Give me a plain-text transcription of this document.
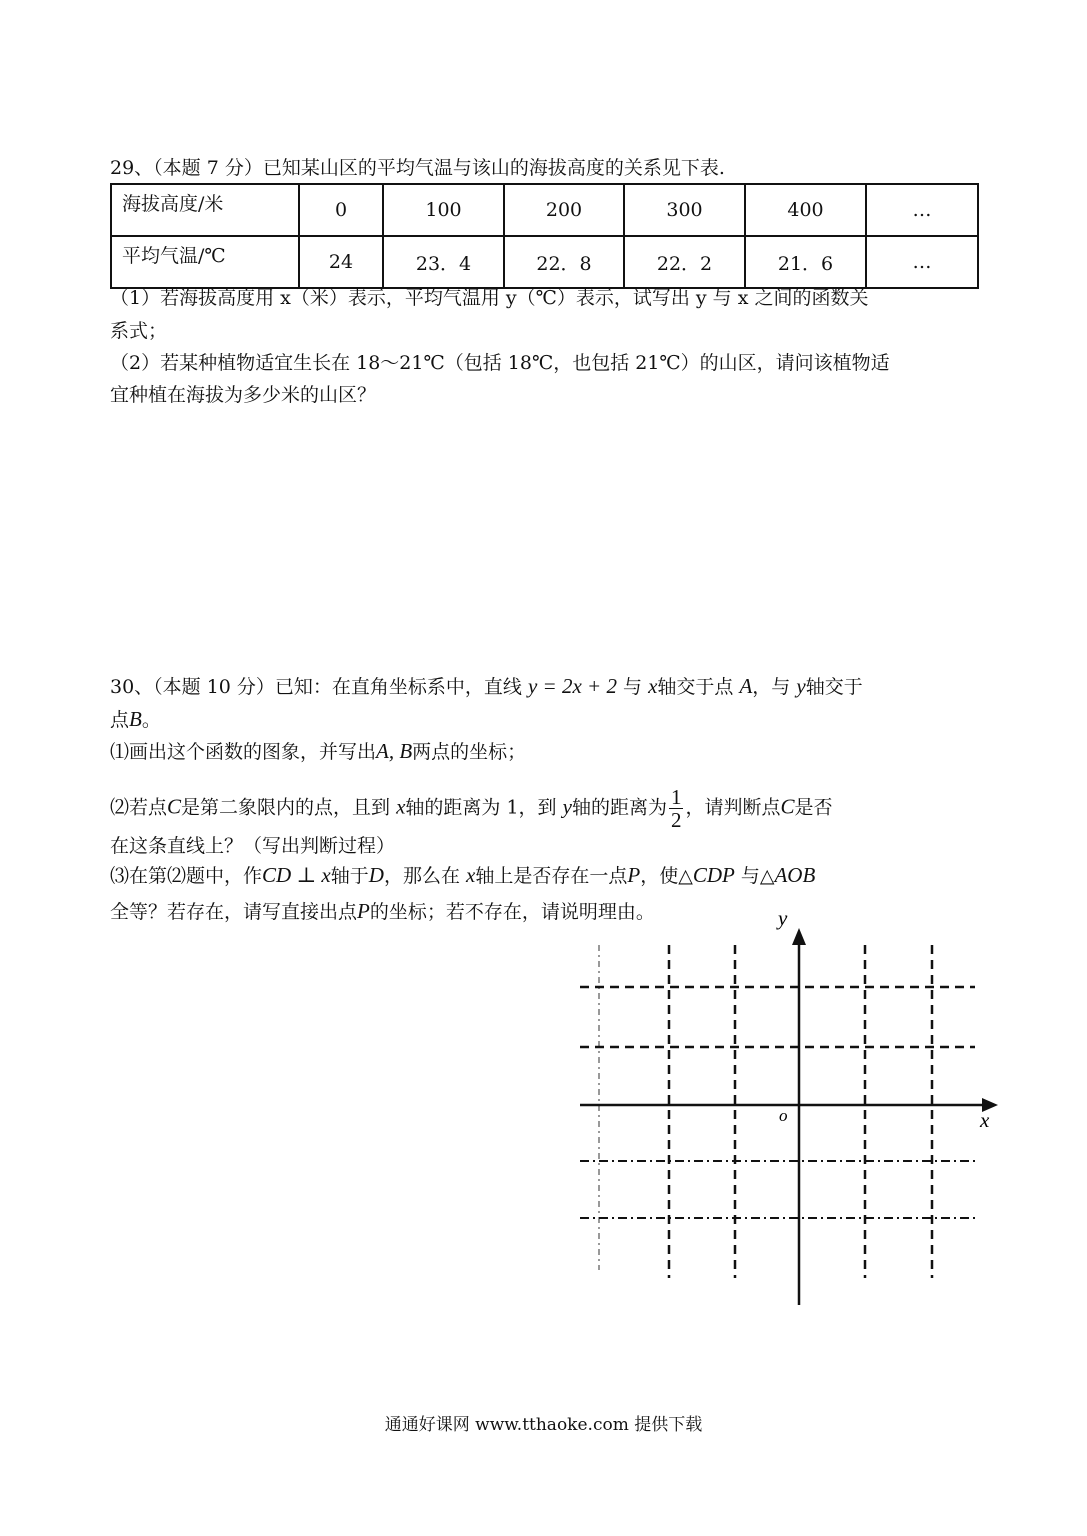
29、（本题 7 分）已知某山区的平均气温与该山的海拔高度的关系见下表.
海拔高度/米	0	100	200	300	400	…
平均气温/℃	24	23．4	22．8	22．2	21．6	…
（1）若海拔高度用 x（米）表示，平均气温用 y（℃）表示，试写出 y 与 x 之间的函数关
系式；
（2）若某种植物适宜生长在 18～21℃（包括 18℃，也包括 21℃）的山区，请问该植物适
宜种植在海拔为多少米的山区？
30、（本题 10 分）已知：在直角坐标系中，直线 y = 2x + 2 与 x轴交于点 A，与 y轴交于
点B。
⑴画出这个函数的图象，并写出A, B两点的坐标；
⑵若点C是第二象限内的点，且到 x轴的距离为 1，到 y轴的距离为 $\frac{1}{2}$ ，请判断点C是否
在这条直线上？（写出判断过程）
⑶在第⑵题中，作CD ⊥ x轴于D，那么在 x轴上是否存在一点P，使△CDP 与△AOB
全等？若存在，请写直接出点P的坐标；若不存在，请说明理由。	y
x
o
通通好课网 www.tthaoke.com 提供下载
